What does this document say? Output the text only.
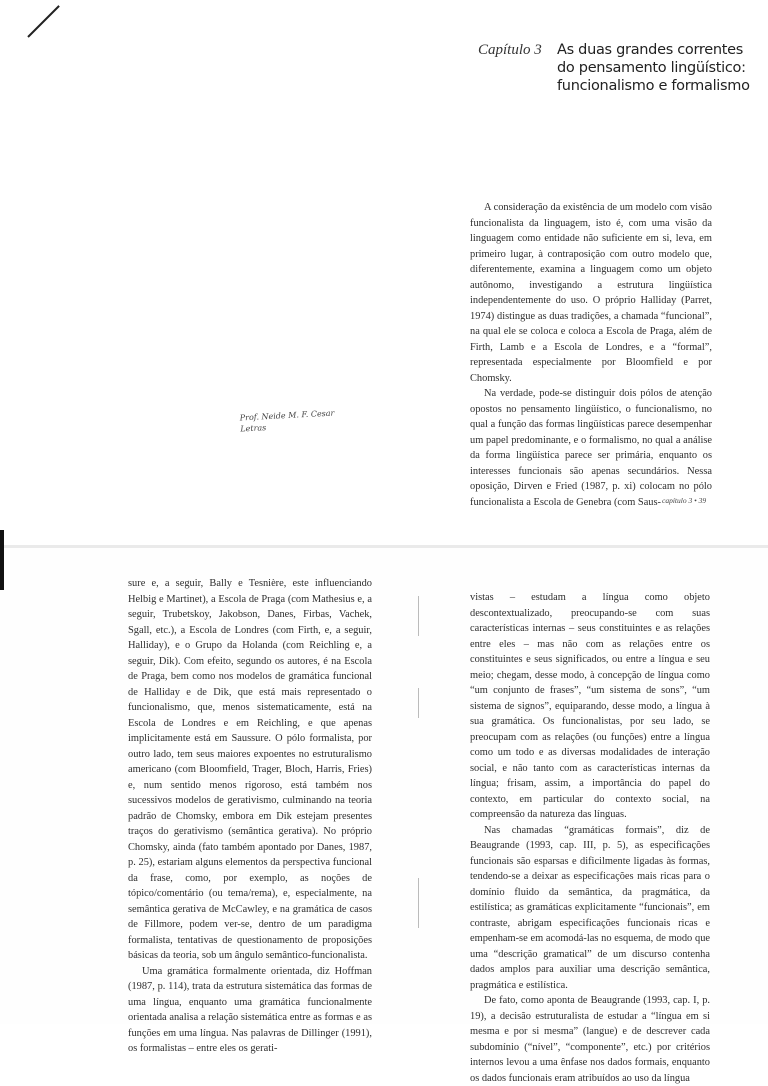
Capítulo 3 As duas grandes correntes
do pensamento lingüístico:
funcionalismo e formalismo
Prof. Neide M. F. Cesar
Letras

A consideração da existência de um modelo com visão funcionalista da linguagem, isto é, com uma visão da linguagem como entidade não suficiente em si, leva, em primeiro lugar, à contraposição com outro modelo que, diferentemente, examina a linguagem como um objeto autônomo, investigando a estrutura lingüística independentemente do uso. O próprio Halliday (Parret, 1974) distingue as duas tradições, a chamada “funcional”, na qual ele se coloca e coloca a Escola de Praga, além de Firth, Lamb e a Escola de Londres, e a “formal”, representada especialmente por Bloomfield e por Chomsky.

Na verdade, pode-se distinguir dois pólos de atenção opostos no pensamento lingüístico, o funcionalismo, no qual a função das formas lingüísticas parece desempenhar um papel predominante, e o formalismo, no qual a análise da forma lingüística parece ser primária, enquanto os interesses funcionais são apenas secundários. Nessa oposição, Dirven e Fried (1987, p. xi) colocam no pólo funcionalista a Escola de Genebra (com Saus- capítulo 3 • 39

sure e, a seguir, Bally e Tesnière, este influenciando Helbig e Martinet), a Escola de Praga (com Mathesius e, a seguir, Trubetskoy, Jakobson, Danes, Firbas, Vachek, Sgall, etc.), a Escola de Londres (com Firth, e, a seguir, Halliday), e o Grupo da Holanda (com Reichling e, a seguir, Dik). Com efeito, segundo os autores, é na Escola de Praga, bem como nos modelos de gramática funcional de Halliday e de Dik, que está mais representado o funcionalismo, que, menos sistematicamente, está na Escola de Londres e em Reichling, e que apenas implicitamente está em Saussure. O pólo formalista, por outro lado, tem seus maiores expoentes no estruturalismo americano (com Bloomfield, Trager, Bloch, Harris, Fries) e, num sentido menos rigoroso, está também nos sucessivos modelos de gerativismo, culminando na teoria padrão de Chomsky, embora em Dik estejam presentes traços do gerativismo (semântica gerativa). No próprio Chomsky, ainda (fato também apontado por Danes, 1987, p. 25), estariam alguns elementos da perspectiva funcional da frase, como, por exemplo, as noções de tópico/comentário (ou tema/rema), e, especialmente, na semântica gerativa de McCawley, e na gramática de casos de Fillmore, podem ver-se, dentro de um paradigma formalista, tentativas de questionamento de proposições básicas da teoria, sob um ângulo semântico-funcionalista.

Uma gramática formalmente orientada, diz Hoffman (1987, p. 114), trata da estrutura sistemática das formas de uma língua, enquanto uma gramática funcionalmente orientada analisa a relação sistemática entre as formas e as funções em uma língua. Nas palavras de Dillinger (1991), os formalistas – entre eles os gerati-

vistas – estudam a língua como objeto descontextualizado, preocupando-se com suas características internas – seus constituintes e as relações entre eles – mas não com as relações entre os constituintes e seus significados, ou entre a língua e seu meio; chegam, desse modo, à concepção de língua como “um conjunto de frases”, “um sistema de sons”, “um sistema de signos”, equiparando, desse modo, a língua à sua gramática. Os funcionalistas, por seu lado, se preocupam com as relações (ou funções) entre a língua como um todo e as diversas modalidades de interação social, e não tanto com as características internas da língua; frisam, assim, a importância do papel do contexto, em particular do contexto social, na compreensão da natureza das línguas.

Nas chamadas “gramáticas formais”, diz de Beaugrande (1993, cap. III, p. 5), as especificações funcionais são esparsas e dificilmente ligadas às formas, tendendo-se a deixar as especificações mais ricas para o domínio fluido da semântica, da pragmática, da estilística; as gramáticas explicitamente “funcionais”, em contraste, abrigam especificações funcionais ricas e empenham-se em acomodá-las no esquema, de modo que uma “descrição gramatical” de um discurso contenha dados amplos para auxiliar uma descrição semântica, pragmática e estilística.

De fato, como aponta de Beaugrande (1993, cap. I, p. 19), a decisão estruturalista de estudar a “língua em si mesma e por si mesma” (langue) e de descrever cada subdomínio (“nível”, “componente”, etc.) por critérios internos levou a uma ênfase nos dados formais, enquanto os dados funcionais eram atribuídos ao uso da língua
